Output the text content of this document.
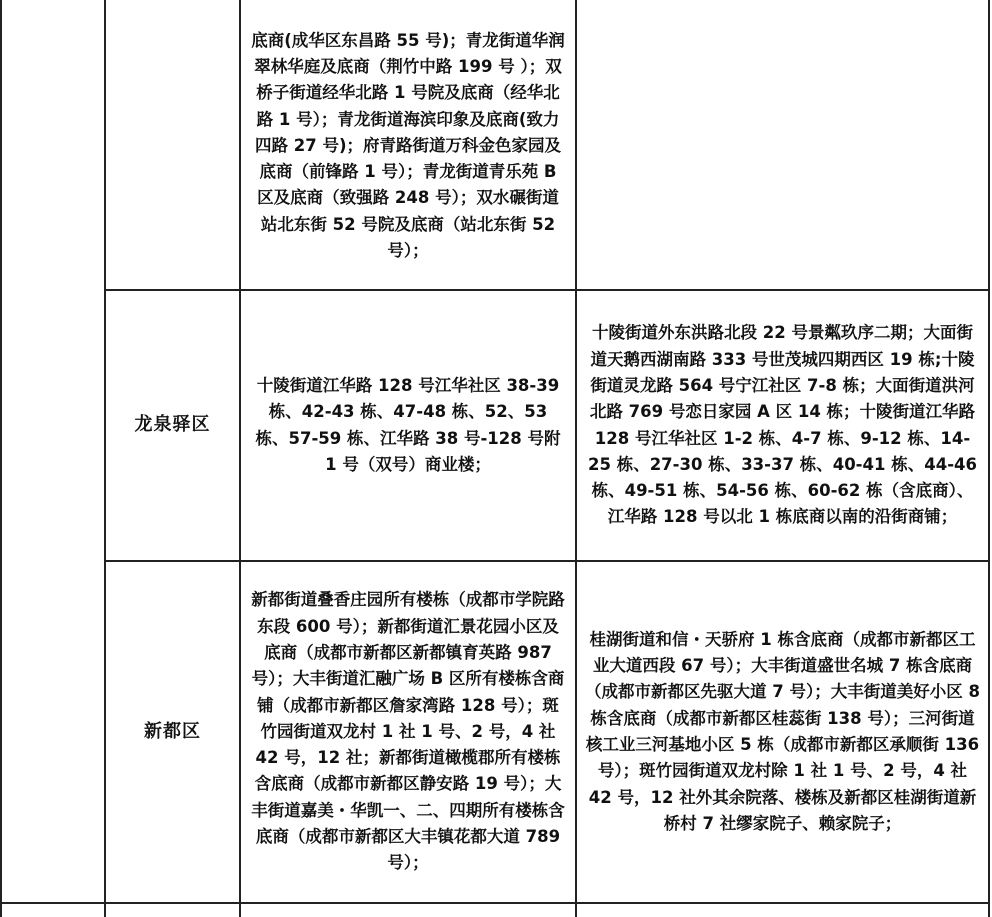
底商(成华区东昌路 55 号)；青龙街道华润翠林华庭及底商（荆竹中路 199 号 ）；双桥子街道经华北路 1 号院及底商（经华北路 1 号）；青龙街道海滨印象及底商(致力四路 27 号)；府青路街道万科金色家园及底商（前锋路 1 号）；青龙街道青乐苑 B 区及底商（致强路 248 号）；双水碾街道站北东街 52 号院及底商（站北东街 52 号）；

龙泉驿区

十陵街道江华路 128 号江华社区 38-39 栋、42-43 栋、47-48 栋、52、53 栋、57-59 栋、江华路 38 号-128 号附 1 号（双号）商业楼；

十陵街道外东洪路北段 22 号景粼玖序二期；大面街道天鹅西湖南路 333 号世茂城四期西区 19 栋;十陵街道灵龙路 564 号宁江社区 7-8 栋；大面街道洪河北路 769 号恋日家园 A 区 14 栋；十陵街道江华路 128 号江华社区 1-2 栋、4-7 栋、9-12 栋、14-25 栋、27-30 栋、33-37 栋、40-41 栋、44-46 栋、49-51 栋、54-56 栋、60-62 栋（含底商）、江华路 128 号以北 1 栋底商以南的沿街商铺；

新都区

新都街道叠香庄园所有楼栋（成都市学院路东段 600 号）；新都街道汇景花园小区及底商（成都市新都区新都镇育英路 987 号）；大丰街道汇融广场 B 区所有楼栋含商铺（成都市新都区詹家湾路 128 号）；斑竹园街道双龙村 1 社 1 号、2 号，4 社 42 号，12 社；新都街道橄榄郡所有楼栋含底商（成都市新都区静安路 19 号）；大丰街道嘉美・华凯一、二、四期所有楼栋含底商（成都市新都区大丰镇花都大道 789 号）；

桂湖街道和信・天骄府 1 栋含底商（成都市新都区工业大道西段 67 号）；大丰街道盛世名城 7 栋含底商（成都市新都区先驱大道 7 号）；大丰街道美好小区 8 栋含底商（成都市新都区桂蕊街 138 号）；三河街道核工业三河基地小区 5 栋（成都市新都区承顺街 136 号）；斑竹园街道双龙村除 1 社 1 号、2 号，4 社 42 号，12 社外其余院落、楼栋及新都区桂湖街道新桥村 7 社缪家院子、赖家院子；
